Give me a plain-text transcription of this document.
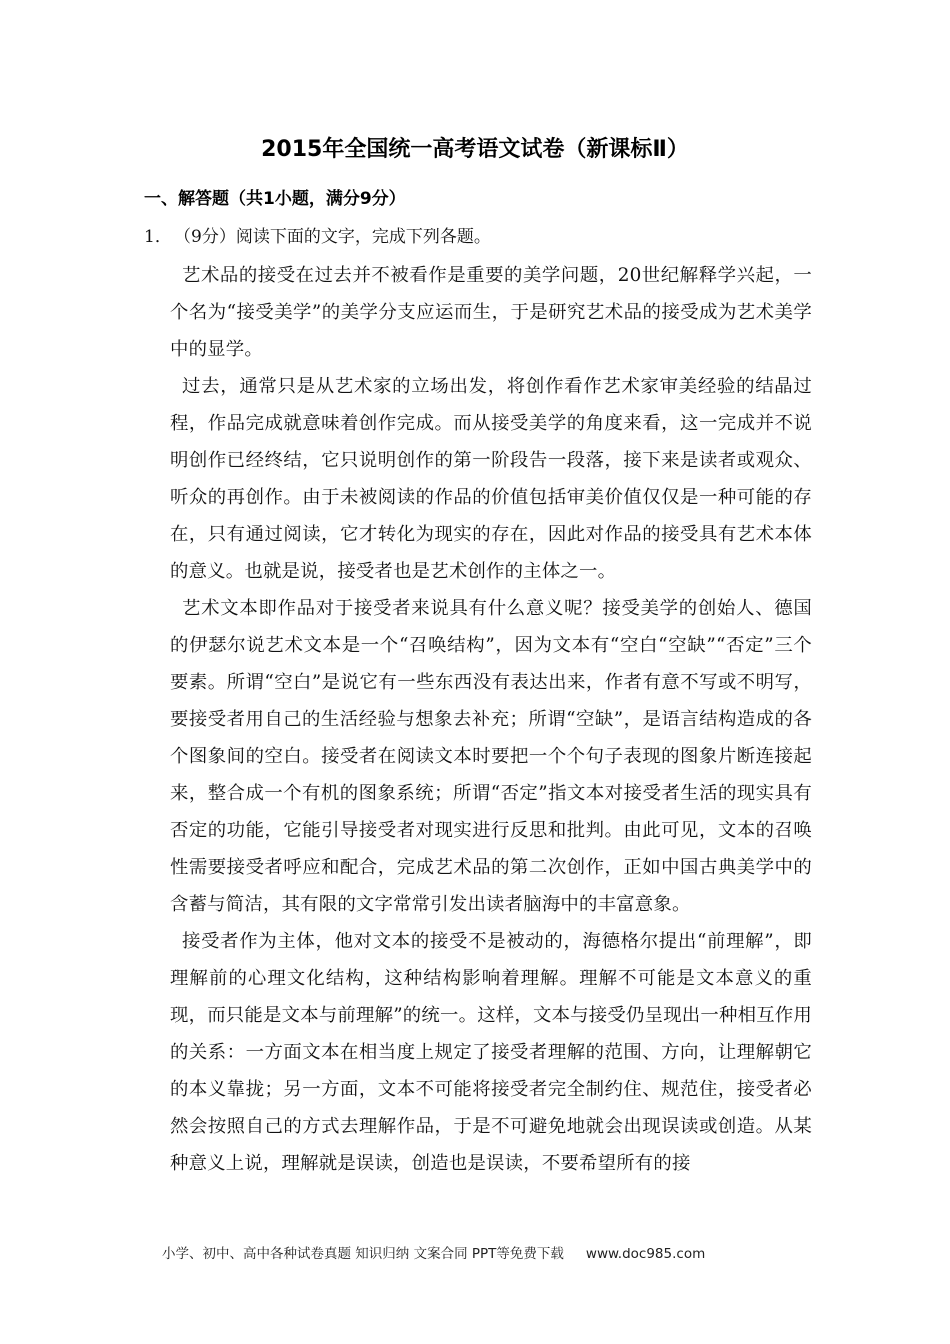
2015年全国统一高考语文试卷（新课标Ⅱ）
一、解答题（共1小题，满分9分）
1． （9分）阅读下面的文字，完成下列各题。

艺术品的接受在过去并不被看作是重要的美学问题，20世纪解释学兴起，一个名为“接受美学”的美学分支应运而生，于是研究艺术品的接受成为艺术美学中的显学。

过去，通常只是从艺术家的立场出发，将创作看作艺术家审美经验的结晶过程，作品完成就意味着创作完成。而从接受美学的角度来看，这一完成并不说明创作已经终结，它只说明创作的第一阶段告一段落，接下来是读者或观众、听众的再创作。由于未被阅读的作品的价值包括审美价值仅仅是一种可能的存在，只有通过阅读，它才转化为现实的存在，因此对作品的接受具有艺术本体的意义。也就是说，接受者也是艺术创作的主体之一。

艺术文本即作品对于接受者来说具有什么意义呢？接受美学的创始人、德国的伊瑟尔说艺术文本是一个“召唤结构”，因为文本有“空白“空缺”“否定”三个要素。所谓“空白”是说它有一些东西没有表达出来，作者有意不写或不明写，要接受者用自己的生活经验与想象去补充；所谓“空缺”，是语言结构造成的各个图象间的空白。接受者在阅读文本时要把一个个句子表现的图象片断连接起来，整合成一个有机的图象系统；所谓“否定”指文本对接受者生活的现实具有否定的功能，它能引导接受者对现实进行反思和批判。由此可见，文本的召唤性需要接受者呼应和配合，完成艺术品的第二次创作，正如中国古典美学中的含蓄与简洁，其有限的文字常常引发出读者脑海中的丰富意象。

接受者作为主体，他对文本的接受不是被动的，海德格尔提出“前理解”，即理解前的心理文化结构，这种结构影响着理解。理解不可能是文本意义的重现，而只能是文本与前理解”的统一。这样，文本与接受仍呈现出一种相互作用的关系：一方面文本在相当度上规定了接受者理解的范围、方向，让理解朝它的本义靠拢；另一方面，文本不可能将接受者完全制约住、规范住，接受者必然会按照自己的方式去理解作品，于是不可避免地就会出现误读或创造。从某种意义上说，理解就是误读，创造也是误读，不要希望所有的接

小学、初中、高中各种试卷真题 知识归纳 文案合同 PPT等免费下载 www.doc985.com
